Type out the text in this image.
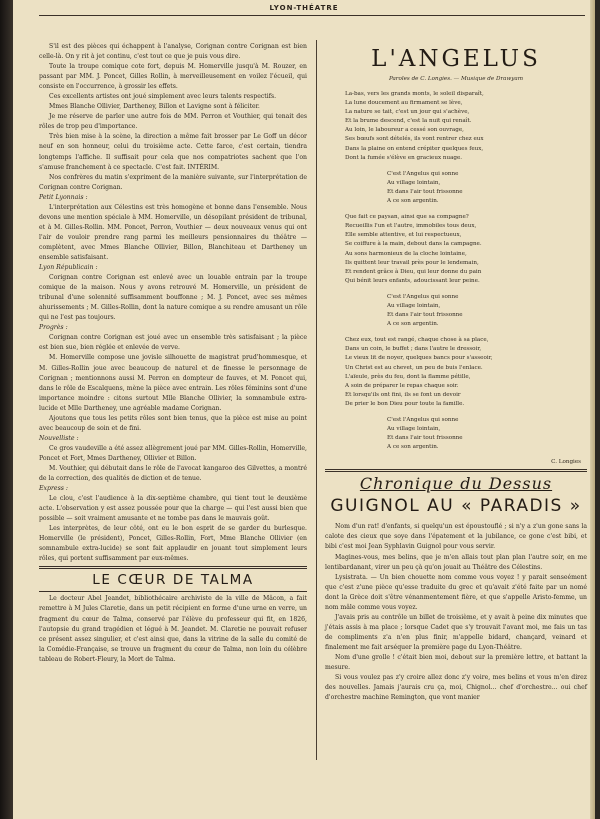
LYON-THÉATRE

S'il est des pièces qui échappent à l'analyse, Corignan contre Corignan est bien celle-là. On y rit à jet continu, c'est tout ce que je puis vous dire.

Toute la troupe comique cote fort, depuis M. Homerville jusqu'à M. Rouzer, en passant par MM. J. Poncet, Gilles Rollin, à merveilleusement en voilez l'écueil, qui consiste en l'occurrence, à grossir les effets.

Ces excellents artistes ont joué simplement avec leurs talents respectifs.

Mmes Blanche Ollivier, Dartheney, Billon et Lavigne sont à féliciter.

Je me réserve de parler une autre fois de MM. Perron et Vouthier, qui tenait des rôles de trop peu d'importance.

Très bien mise à la scène, la direction a même fait brosser par Le Goff un décor neuf en son honneur, celui du troisième acte. Cette farce, c'est certain, tiendra longtemps l'affiche. Il suffisait pour cela que nos compatriotes sachent que l'on s'amuse franchement à ce spectacle. C'est fait. INTÉRIM.

Nos confrères du matin s'expriment de la manière suivante, sur l'interprétation de Corignan contre Corignan.

Petit Lyonnais :

L'interprétation aux Célestins est très homogène et bonne dans l'ensemble. Nous devons une mention spéciale à MM. Homerville, un désopilant président de tribunal, et à M. Gilles-Rollin. MM. Poncet, Perron, Vouthier — deux nouveaux venus qui ont l'air de vouloir prendre rang parmi les meilleurs pensionnaires du théâtre — complètent, avec Mmes Blanche Ollivier, Billon, Blanchiteau et Dartheney un ensemble satisfaisant.

Lyon Républicain :

Corignan contre Corignan est enlevé avec un louable entrain par la troupe comique de la maison. Nous y avons retrouvé M. Homerville, un président de tribunal d'une solennité suffisamment bouffonne ; M. J. Poncet, avec ses mêmes ahurissements ; M. Gilles-Rollin, dont la nature comique a su rendre amusant un rôle qui ne l'est pas toujours.

Progrès :

Corignan contre Corignan est joué avec un ensemble très satisfaisant ; la pièce est bien sue, bien réglée et enlevée de verve.

M. Homerville compose une jovisle silhouette de magistrat prud'hommesque, et M. Gilles-Rollin joue avec beaucoup de naturel et de finesse le personnage de Corignan ; mentionnons aussi M. Perron en dompteur de fauves, et M. Poncet qui, dans le rôle de Escalquens, mène la pièce avec entrain. Les rôles féminins sont d'une importance moindre : citons surtout Mlle Blanche Ollivier, la somnambule extra-lucide et Mlle Dartheney, une agréable madame Corignan.

Ajoutons que tous les petits rôles sont bien tenus, que la pièce est mise au point avec beaucoup de soin et de fini.

Nouvelliste :

Ce gros vaudeville a été assez allègrement joué par MM. Gilles-Rollin, Homerville, Poncet et Fort, Mmes Dartheney, Ollivier et Billon.

M. Vouthier, qui débutait dans le rôle de l'avocat kangaroo des Gilvettes, a montré de la correction, des qualités de diction et de tenue.

Express :

Le clou, c'est l'audience à la dix-septième chambre, qui tient tout le deuxième acte. L'observation y est assez poussée pour que la charge — qui l'est aussi bien que possible — soit vraiment amusante et ne tombe pas dans le mauvais goût.

Les interprètes, de leur côté, ont eu le bon esprit de se garder du burlesque. Homerville (le président), Poncet, Gilles-Rollin, Fort, Mme Blanche Ollivier (en somnambule extra-lucide) se sont fait applaudir en jouant tout simplement leurs rôles, qui portent suffisamment par eux-mêmes.

LE CŒUR DE TALMA

Le docteur Abel Jeandet, bibliothécaire archiviste de la ville de Mâcon, a fait remettre à M Jules Claretie, dans un petit récipient en forme d'une urne en verre, un fragment du cœur de Talma, conservé par l'élève du professeur qui fit, en 1826, l'autopsie du grand tragédien et légué à M. Jeandet. M. Claretie ne pouvait refuser ce présent assez singulier, et c'est ainsi que, dans la vitrine de la salle du comité de la Comédie-Française, se trouve un fragment du cœur de Talma, non loin du célèbre tableau de Robert-Fleury, la Mort de Talma.

L'ANGELUS
Paroles de C. Longies. — Musique de Drawyam

La-bas, vers les grands monts, le soleil disparaît,

La lune doucement au firmament se lève,

La nature se tait, c'est un jour qui s'achève,

Et la brume descend, c'est la nuit qui renaît.

Au loin, le laboureur a cessé son ouvrage,

Ses bœufs sont dételés, ils vont rentrer chez eux

Dans la plaine on entend crépiter quelques feux,

Dont la fumée s'élève en gracieux nuage.

C'est l'Angelus qui sonne

Au village lointain,

Et dans l'air tout frissonne

A ce son argentin.

Que fait ce paysan, ainsi que sa compagne?

Recueillis l'un et l'autre, immobiles tous deux,

Elle semble attentive, et lui respectueux,

Se coiffure à la main, debout dans la campagne.

Au sons harmonieux de la cloche lointaine,

Ils quittent leur travail près pour le lendemain,

Et rendent grâce à Dieu, qui leur donne du pain

Qui bénit leurs enfants, adoucissant leur peine.

C'est l'Angelus qui sonne

Au village lointain,

Et dans l'air tout frissonne

A ce son argentin.

Chez eux, tout est rangé, chaque chose à sa place,

Dans un coin, le buffet ; dans l'autre le dressoir,

Le vieux lit de noyer, quelques bancs pour s'asseoir,

Un Christ est au chevet, un peu de buis l'enlace.

L'aïeule, près du feu, dont la flamme pétille,

A soin de préparer le repas chaque soir.

Et lorsqu'ils ont fini, ils se font un devoir

De prier le bon Dieu pour toute la famille.

C'est l'Angelus qui sonne

Au village lointain,

Et dans l'air tout frissonne

A ce son argentin.

C. Longies
Chronique du Dessus
GUIGNOL AU « PARADIS »

Nom d'un rat! d'enfants, si quelqu'un est époustouflé ; si n'y a z'un gone sans la calote des cieux que soye dans l'épatement et la jubilance, ce gone c'est bibi, et bibi c'est moi Jean Syphlavin Guignol pour vous servir.

Magines-vous, mes belins, que je m'en allais tout plan plan l'autre soir, en me lentibardanant, virer un peu çà qu'on jouait au Théâtre des Célestins.

Lysistrata. — Un bien chouette nom comme vous voyez ! y parait senseément que c'est z'une pièce qu'esse traduite du grec et qu'avait z'été faite par un nomé dont la Grèce doit s'être vénanmentement fière, et que s'appelle Aristo-femme, un nom mâle comme vous voyez.

J'avais pris au contrôle un billet de troisième, et y avait à peine dix minutes que j'étais assis à ma place ; lorsque Cadet que s'y trouvait l'avant moi, me fais un tas de compliments z'a n'en plus finir, m'appelle bidard, chançard, veinard et finalement me fait arséquer la première page du Lyon-Théâtre.

Nom d'une grolle ! c'était bien moi, debout sur la première lettre, et battant la mesure.

Si vous voulez pas z'y croire allez donc z'y voire, mes belins et vous m'en direz des nouvelles. Jamais j'aurais cru ça, moi, Chignol... chef d'orchestre... oui chef d'orchestre machine Remington, que vont manier
